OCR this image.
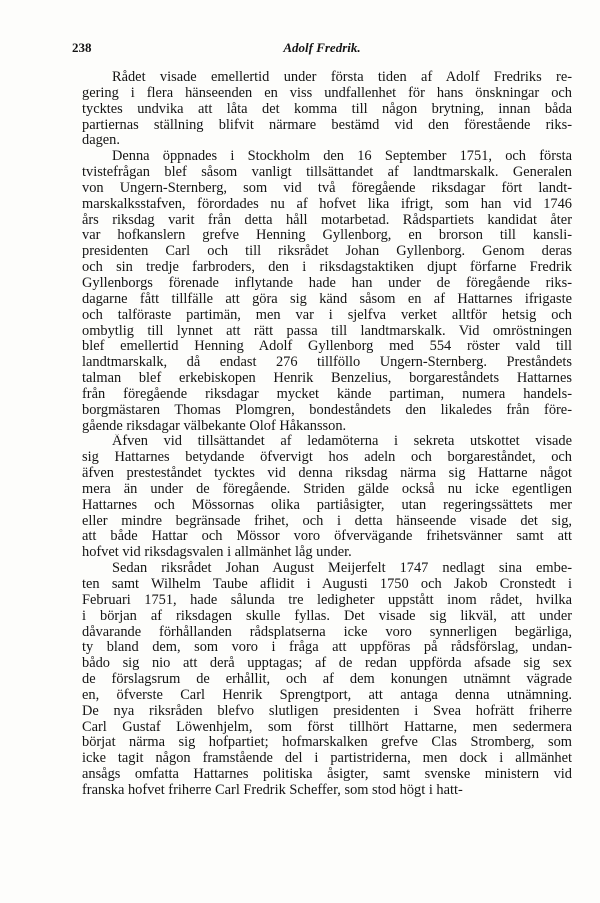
238	Adolf Fredrik.
Rådet visade emellertid under första tiden af Adolf Fredriks re-
gering i flera hänseenden en viss undfallenhet för hans önskningar och
tycktes undvika att låta det komma till någon brytning, innan båda
partiernas ställning blifvit närmare bestämd vid den förestående riks-
dagen.
Denna öppnades i Stockholm den 16 September 1751, och första
tvistefrågan blef såsom vanligt tillsättandet af landtmarskalk. Generalen
von Ungern-Sternberg, som vid två föregående riksdagar fört landt-
marskalksstafven, förordades nu af hofvet lika ifrigt, som han vid 1746
års riksdag varit från detta håll motarbetad. Rådspartiets kandidat åter
var hofkanslern grefve Henning Gyllenborg, en brorson till kansli-
presidenten Carl och till riksrådet Johan Gyllenborg. Genom deras
och sin tredje farbroders, den i riksdagstaktiken djupt förfarne Fredrik
Gyllenborgs förenade inflytande hade han under de föregående riks-
dagarne fått tillfälle att göra sig känd såsom en af Hattarnes ifrigaste
och talföraste partimän, men var i sjelfva verket alltför hetsig och
ombytlig till lynnet att rätt passa till landtmarskalk. Vid omröstningen
blef emellertid Henning Adolf Gyllenborg med 554 röster vald till
landtmarskalk, då endast 276 tillföllo Ungern-Sternberg. Preståndets
talman blef erkebiskopen Henrik Benzelius, borgareståndets Hattarnes
från föregående riksdagar mycket kände partiman, numera handels-
borgmästaren Thomas Plomgren, bondeståndets den likaledes från före-
gående riksdagar välbekante Olof Håkansson.
Äfven vid tillsättandet af ledamöterna i sekreta utskottet visade
sig Hattarnes betydande öfvervigt hos adeln och borgareståndet, och
äfven presteståndet tycktes vid denna riksdag närma sig Hattarne något
mera än under de föregående. Striden gälde också nu icke egentligen
Hattarnes och Mössornas olika partiåsigter, utan regeringssättets mer
eller mindre begränsade frihet, och i detta hänseende visade det sig,
att både Hattar och Mössor voro öfvervägande frihetsvänner samt att
hofvet vid riksdagsvalen i allmänhet låg under.
Sedan riksrådet Johan August Meijerfelt 1747 nedlagt sina embe-
ten samt Wilhelm Taube aflidit i Augusti 1750 och Jakob Cronstedt i
Februari 1751, hade sålunda tre ledigheter uppstått inom rådet, hvilka
i början af riksdagen skulle fyllas. Det visade sig likväl, att under
dåvarande förhållanden rådsplatserna icke voro synnerligen begärliga,
ty bland dem, som voro i fråga att uppföras på rådsförslag, undan-
bådo sig nio att derå upptagas; af de redan uppförda afsade sig sex
de förslagsrum de erhållit, och af dem konungen utnämnt vägrade
en, öfverste Carl Henrik Sprengtport, att antaga denna utnämning.
De nya riksråden blefvo slutligen presidenten i Svea hofrätt friherre
Carl Gustaf Löwenhjelm, som först tillhört Hattarne, men sedermera
börjat närma sig hofpartiet; hofmarskalken grefve Clas Stromberg, som
icke tagit någon framstående del i partistriderna, men dock i allmänhet
ansågs omfatta Hattarnes politiska åsigter, samt svenske ministern vid
franska hofvet friherre Carl Fredrik Scheffer, som stod högt i hatt-
